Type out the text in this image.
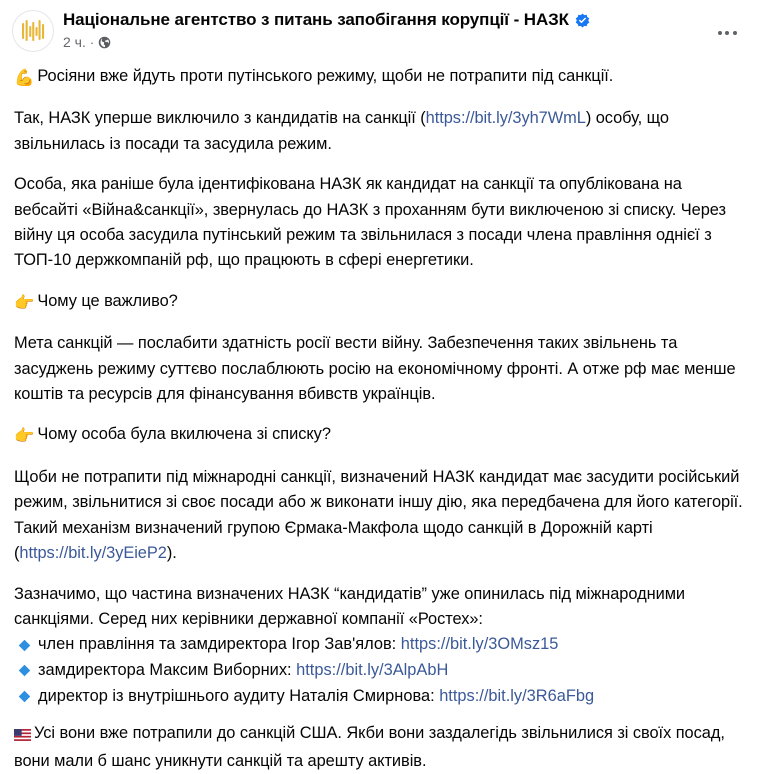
Національне агентство з питань запобігання корупції - НАЗК
2 ч. ·

💪 Росіяни вже йдуть проти путінського режиму, щоби не потрапити під санкції.

Так, НАЗК уперше виключило з кандидатів на санкції (https://bit.ly/3yh7WmL) особу, що звільнилась із посади та засудила режим.

Особа, яка раніше була ідентифікована НАЗК як кандидат на санкції та опублікована на вебсайті «Війна&санкції», звернулась до НАЗК з проханням бути виключеною зі списку. Через війну ця особа засудила путінський режим та звільнилася з посади члена правління однієї з ТОП-10 держкомпаній рф, що працюють в сфері енергетики.

👉 Чому це важливо?

Мета санкцій — послабити здатність росії вести війну. Забезпечення таких звільнень та засуджень режиму суттєво послаблюють росію на економічному фронті. А отже рф має менше коштів та ресурсів для фінансування вбивств українців.

👉 Чому особа була вкилючена зі списку?

Щоби не потрапити під міжнародні санкції, визначений НАЗК кандидат має засудити російський режим, звільнитися зі своє посади або ж виконати іншу дію, яка передбачена для його категорії. Такий механізм визначений групою Єрмака-Макфола щодо санкцій в Дорожній карті (https://bit.ly/3yEieP2).

Зазначимо, що частина визначених НАЗК “кандидатів” уже опинилась під міжнародними санкціями. Серед них керівники державної компанії «Ростех»:

член правління та замдиректора Ігор Зав'ялов: https://bit.ly/3OMsz15
замдиректора Максим Виборних: https://bit.ly/3AlpAbH
директор із внутрішнього аудиту Наталія Смирнова: https://bit.ly/3R6aFbg

Усі вони вже потрапили до санкцій США. Якби вони заздалегідь звільнилися зі своїх посад, вони мали б шанс уникнути санкцій та арешту активів.
